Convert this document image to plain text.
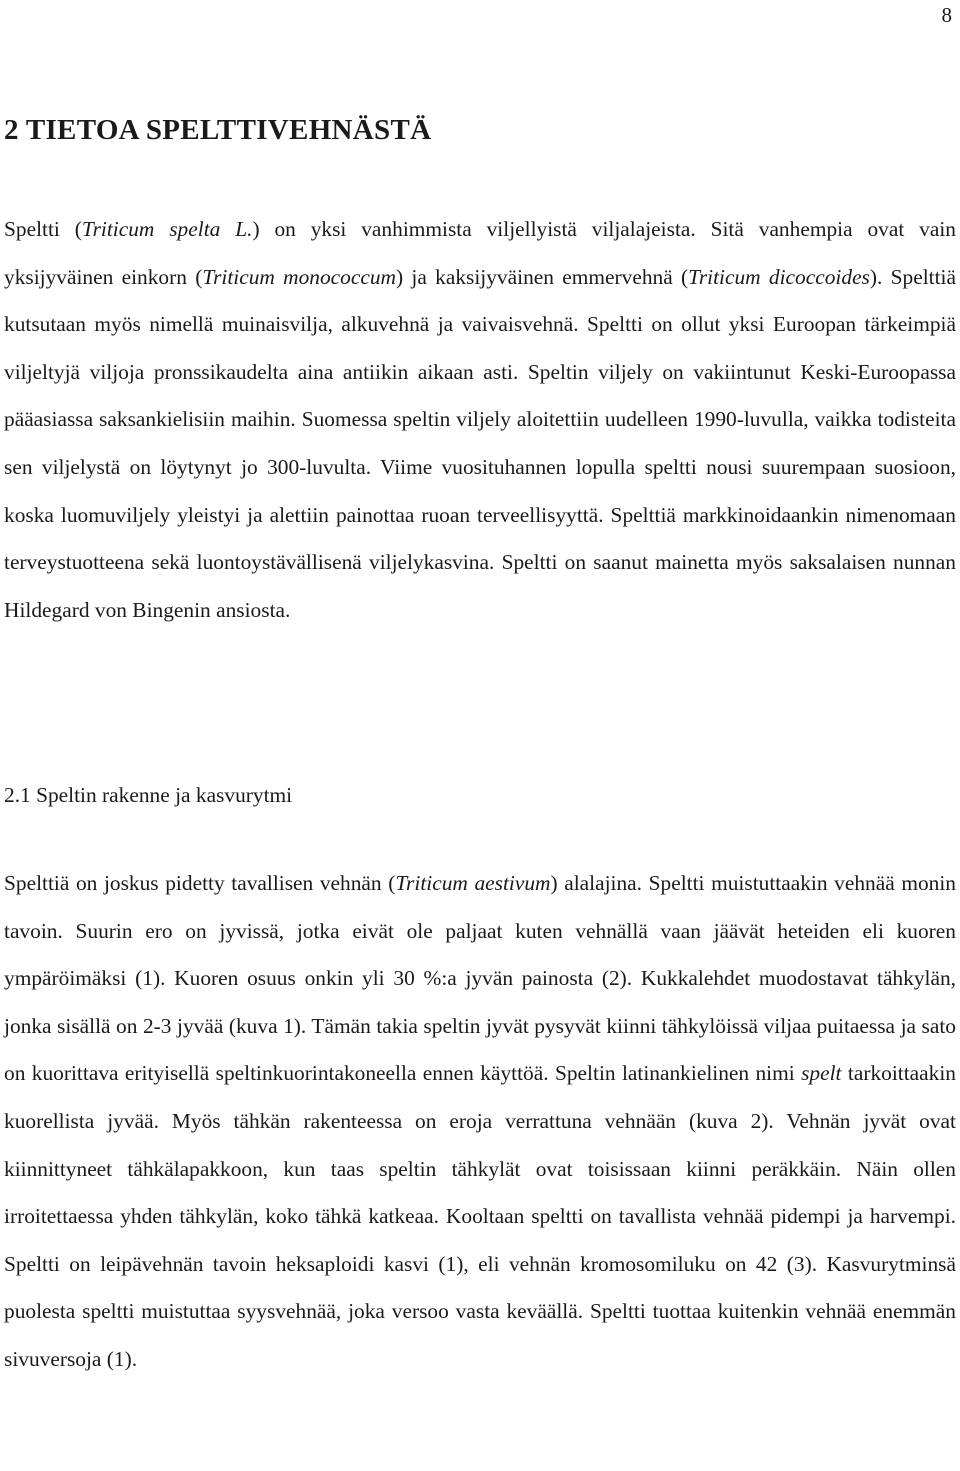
8
2 TIETOA SPELTTIVEHNÄSTÄ

Speltti (Triticum spelta L.) on yksi vanhimmista viljellyistä viljalajeista. Sitä vanhempia ovat vain yksijyväinen einkorn (Triticum monococcum) ja kaksijyväinen emmervehnä (Triticum dicoccoides). Spelttiä kutsutaan myös nimellä muinaisvilja, alkuvehnä ja vaivaisvehnä. Speltti on ollut yksi Euroopan tärkeimpiä viljeltyjä viljoja pronssikaudelta aina antiikin aikaan asti. Speltin viljely on vakiintunut Keski-Euroopassa pääasiassa saksankielisiin maihin. Suomessa speltin viljely aloitettiin uudelleen 1990-luvulla, vaikka todisteita sen viljelystä on löytynyt jo 300-luvulta. Viime vuosituhannen lopulla speltti nousi suurempaan suosioon, koska luomuviljely yleistyi ja alettiin painottaa ruoan terveellisyyttä. Spelttiä markkinoidaankin nimenomaan terveystuotteena sekä luontoystävällisenä viljelykasvina. Speltti on saanut mainetta myös saksalaisen nunnan Hildegard von Bingenin ansiosta.

2.1 Speltin rakenne ja kasvurytmi

Spelttiä on joskus pidetty tavallisen vehnän (Triticum aestivum) alalajina. Speltti muistuttaakin vehnää monin tavoin. Suurin ero on jyvissä, jotka eivät ole paljaat kuten vehnällä vaan jäävät heteiden eli kuoren ympäröimäksi (1). Kuoren osuus onkin yli 30 %:a jyvän painosta (2). Kukkalehdet muodostavat tähkylän, jonka sisällä on 2-3 jyvää (kuva 1). Tämän takia speltin jyvät pysyvät kiinni tähkylöissä viljaa puitaessa ja sato on kuorittava erityisellä speltinkuorintakoneella ennen käyttöä. Speltin latinankielinen nimi spelt tarkoittaakin kuorellista jyvää. Myös tähkän rakenteessa on eroja verrattuna vehnään (kuva 2). Vehnän jyvät ovat kiinnittyneet tähkälapakkoon, kun taas speltin tähkylät ovat toisissaan kiinni peräkkäin. Näin ollen irroitettaessa yhden tähkylän, koko tähkä katkeaa. Kooltaan speltti on tavallista vehnää pidempi ja harvempi. Speltti on leipävehnän tavoin heksaploidi kasvi (1), eli vehnän kromosomiluku on 42 (3). Kasvurytminsä puolesta speltti muistuttaa syysvehnää, joka versoo vasta keväällä. Speltti tuottaa kuitenkin vehnää enemmän sivuversoja (1).
